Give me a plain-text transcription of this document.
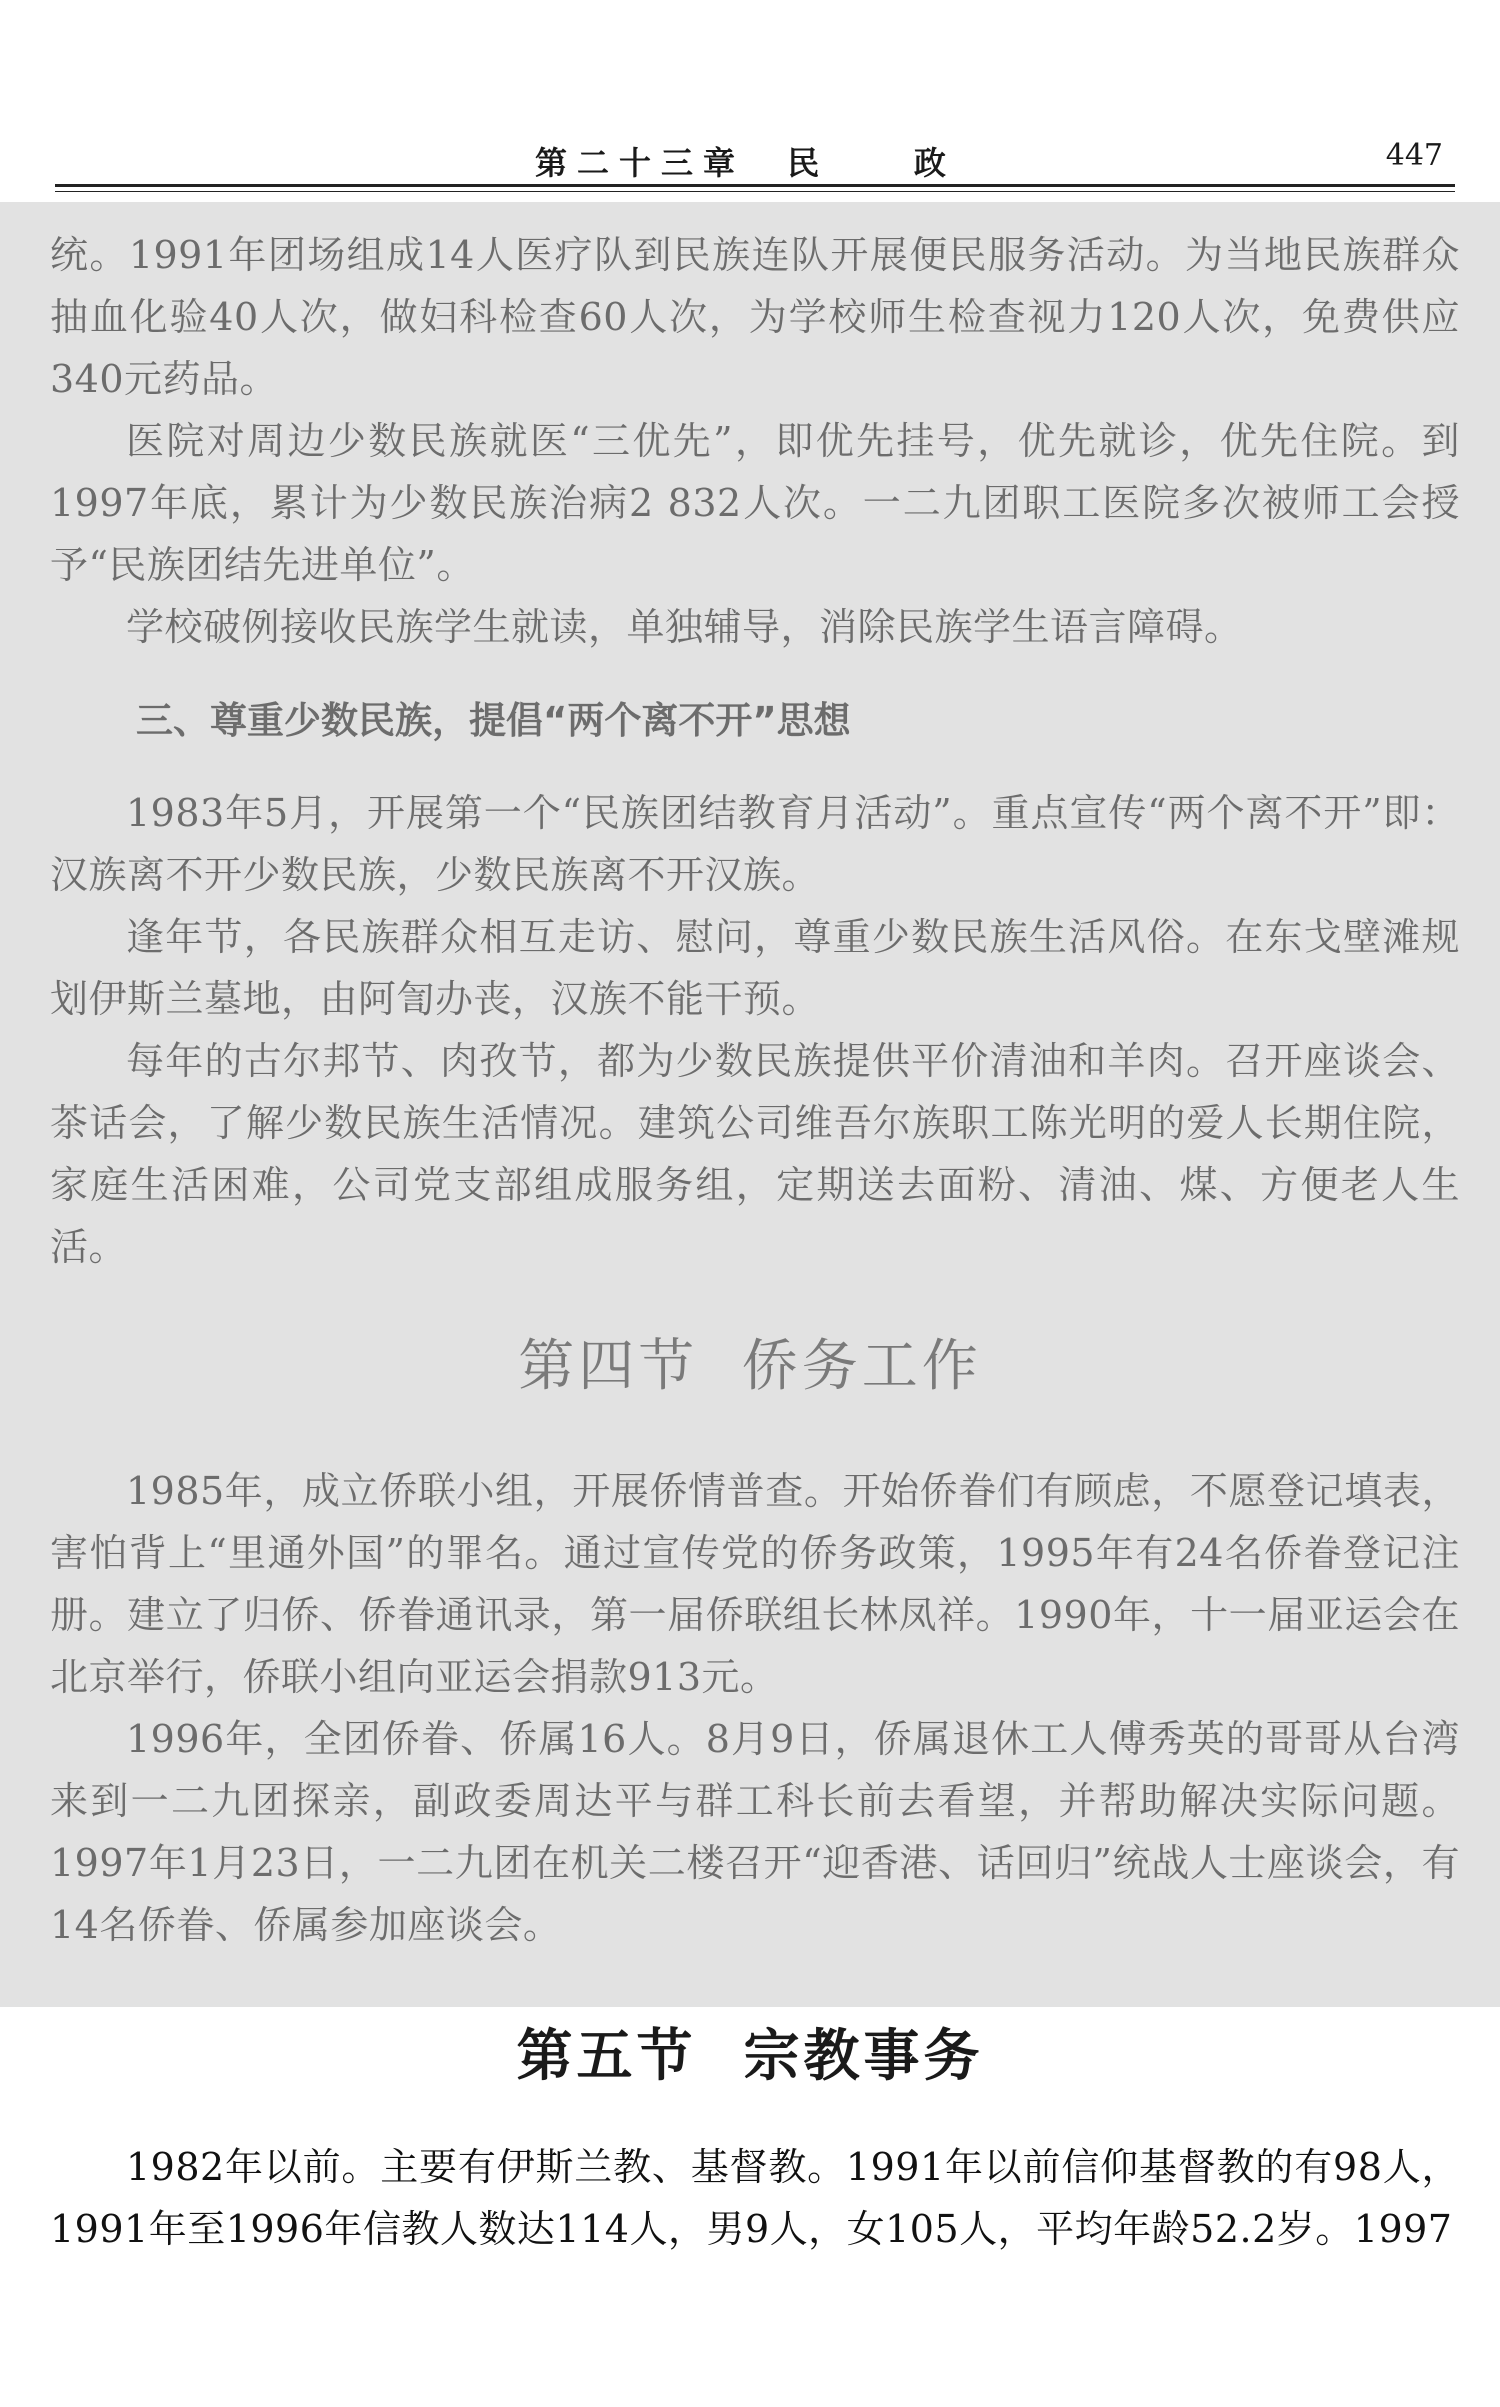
第二十三章  民    政	447

统。1991年团场组成14人医疗队到民族连队开展便民服务活动。为当地民族群众抽血化验40人次，做妇科检查60人次，为学校师生检查视力120人次，免费供应340元药品。

医院对周边少数民族就医“三优先”，即优先挂号，优先就诊，优先住院。到1997年底，累计为少数民族治病2 832人次。一二九团职工医院多次被师工会授予“民族团结先进单位”。

学校破例接收民族学生就读，单独辅导，消除民族学生语言障碍。

三、尊重少数民族，提倡“两个离不开”思想

1983年5月，开展第一个“民族团结教育月活动”。重点宣传“两个离不开”即：汉族离不开少数民族，少数民族离不开汉族。

逢年节，各民族群众相互走访、慰问，尊重少数民族生活风俗。在东戈壁滩规划伊斯兰墓地，由阿訇办丧，汉族不能干预。

每年的古尔邦节、肉孜节，都为少数民族提供平价清油和羊肉。召开座谈会、茶话会，了解少数民族生活情况。建筑公司维吾尔族职工陈光明的爱人长期住院，家庭生活困难，公司党支部组成服务组，定期送去面粉、清油、煤、方便老人生活。

第四节  侨务工作

1985年，成立侨联小组，开展侨情普查。开始侨眷们有顾虑，不愿登记填表，害怕背上“里通外国”的罪名。通过宣传党的侨务政策，1995年有24名侨眷登记注册。建立了归侨、侨眷通讯录，第一届侨联组长林凤祥。1990年，十一届亚运会在北京举行，侨联小组向亚运会捐款913元。

1996年，全团侨眷、侨属16人。8月9日，侨属退休工人傅秀英的哥哥从台湾来到一二九团探亲，副政委周达平与群工科长前去看望，并帮助解决实际问题。1997年1月23日，一二九团在机关二楼召开“迎香港、话回归”统战人士座谈会，有14名侨眷、侨属参加座谈会。

第五节  宗教事务

1982年以前。主要有伊斯兰教、基督教。1991年以前信仰基督教的有98人，1991年至1996年信教人数达114人，男9人，女105人，平均年龄52.2岁。1997
